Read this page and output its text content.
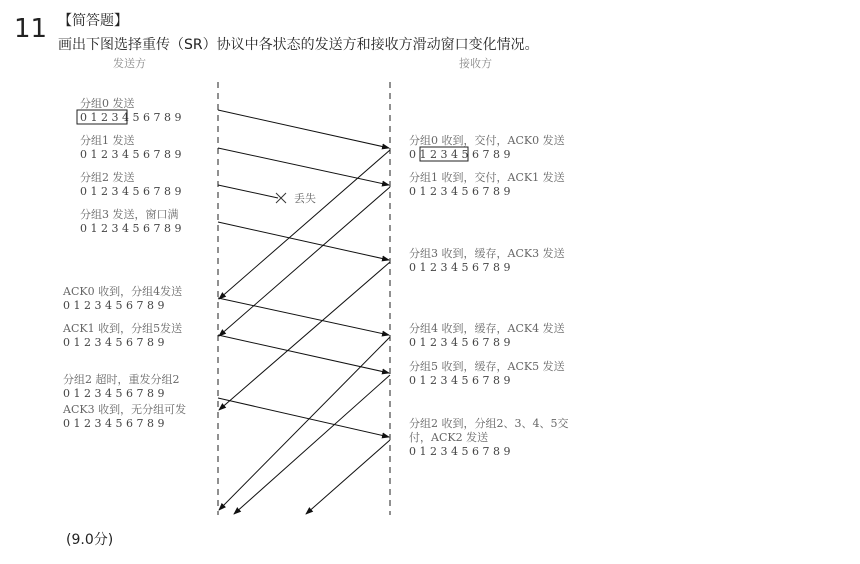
11 【简答题】
画出下图选择重传（SR）协议中各状态的发送方和接收方滑动窗口变化情况。
发送方	接收方
分组0 发送
0 1 2 3 4 5 6 7 8 9
分组1 发送
0 1 2 3 4 5 6 7 8 9
分组2 发送
0 1 2 3 4 5 6 7 8 9
分组3 发送，窗口满
0 1 2 3 4 5 6 7 8 9
ACK0 收到，分组4发送
0 1 2 3 4 5 6 7 8 9
ACK1 收到，分组5发送
0 1 2 3 4 5 6 7 8 9
分组2 超时，重发分组2
0 1 2 3 4 5 6 7 8 9
ACK3 收到，无分组可发
0 1 2 3 4 5 6 7 8 9
分组0 收到，交付，ACK0 发送
0 1 2 3 4 5 6 7 8 9
分组1 收到，交付，ACK1 发送
0 1 2 3 4 5 6 7 8 9
分组3 收到，缓存，ACK3 发送
0 1 2 3 4 5 6 7 8 9
分组4 收到，缓存，ACK4 发送
0 1 2 3 4 5 6 7 8 9
分组5 收到，缓存，ACK5 发送
0 1 2 3 4 5 6 7 8 9
分组2 收到，分组2、3、4、5交
付，ACK2 发送
0 1 2 3 4 5 6 7 8 9
丢失
(9.0分)
